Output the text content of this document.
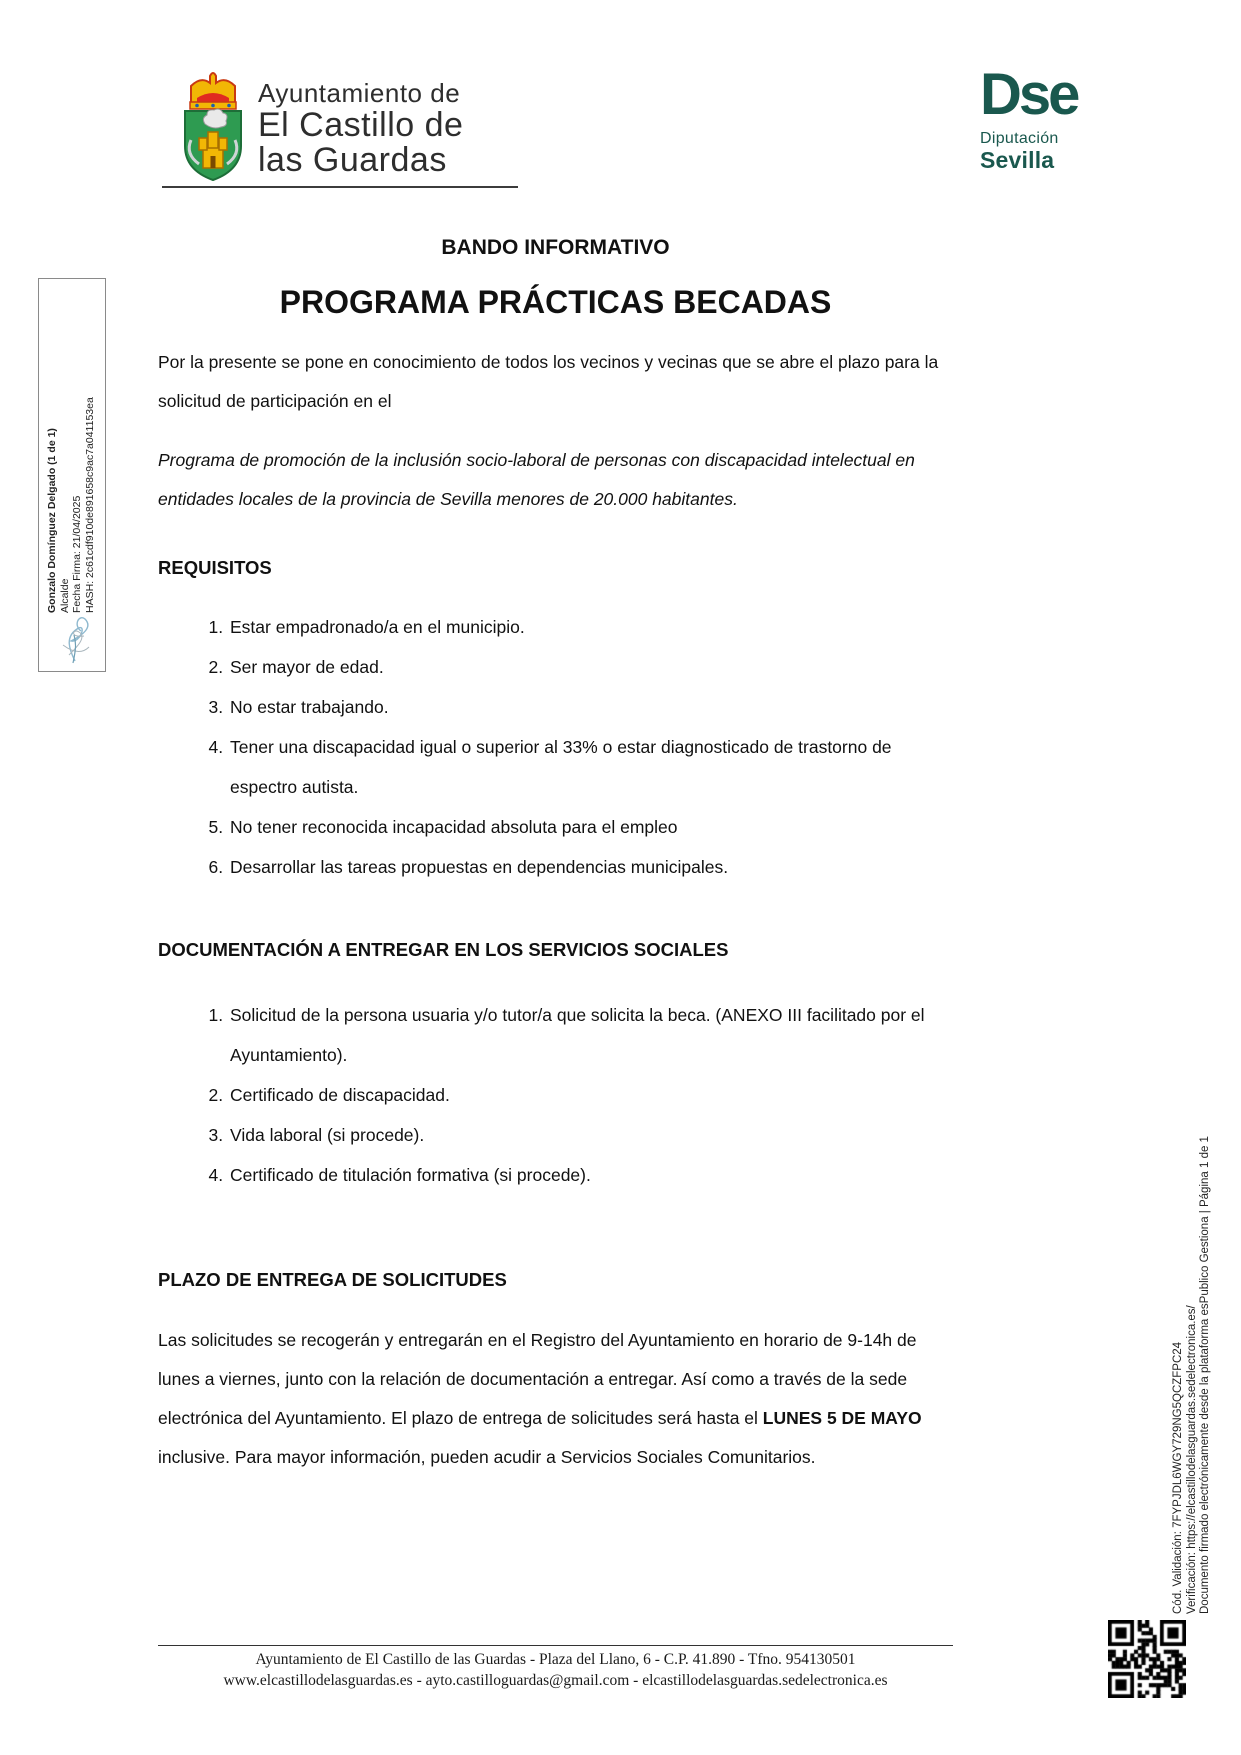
Ayuntamiento de
El Castillo de
las Guardas
Dse
Diputación
Sevilla
BANDO INFORMATIVO
PROGRAMA PRÁCTICAS BECADAS

Por la presente se pone en conocimiento de todos los vecinos y vecinas que se abre el plazo para la solicitud de participación en el

Programa de promoción de la inclusión socio-laboral de personas con discapacidad intelectual en entidades locales de la provincia de Sevilla menores de 20.000 habitantes.

REQUISITOS
1. Estar empadronado/a en el municipio.
2. Ser mayor de edad.
3. No estar trabajando.
4. Tener una discapacidad igual o superior al 33% o estar diagnosticado de trastorno de espectro autista.
5. No tener reconocida incapacidad absoluta para el empleo
6. Desarrollar las tareas propuestas en dependencias municipales.
DOCUMENTACIÓN A ENTREGAR EN LOS SERVICIOS SOCIALES
1. Solicitud de la persona usuaria y/o tutor/a que solicita la beca. (ANEXO III facilitado por el Ayuntamiento).
2. Certificado de discapacidad.
3. Vida laboral (si procede).
4. Certificado de titulación formativa (si procede).
PLAZO DE ENTREGA DE SOLICITUDES

Las solicitudes se recogerán y entregarán en el Registro del Ayuntamiento en horario de 9-14h de lunes a viernes, junto con la relación de documentación a entregar. Así como a través de la sede electrónica del Ayuntamiento. El plazo de entrega de solicitudes será hasta el LUNES 5 DE MAYO inclusive. Para mayor información, pueden acudir a Servicios Sociales Comunitarios.

Gonzalo Domínguez Delgado (1 de 1) Alcalde Fecha Firma: 21/04/2025 HASH: 2c61cdf910de891658c9ac7a041153ea
Cód. Validación: 7FYPJDL6WGY729NG5QCZFPC24 Verificación: https://elcastillodelasguardas.sedelectronica.es/ Documento firmado electrónicamente desde la plataforma esPublico Gestiona | Página 1 de 1
Ayuntamiento de El Castillo de las Guardas - Plaza del Llano, 6 - C.P. 41.890 - Tfno. 954130501
www.elcastillodelasguardas.es - ayto.castilloguardas@gmail.com - elcastillodelasguardas.sedelectronica.es
